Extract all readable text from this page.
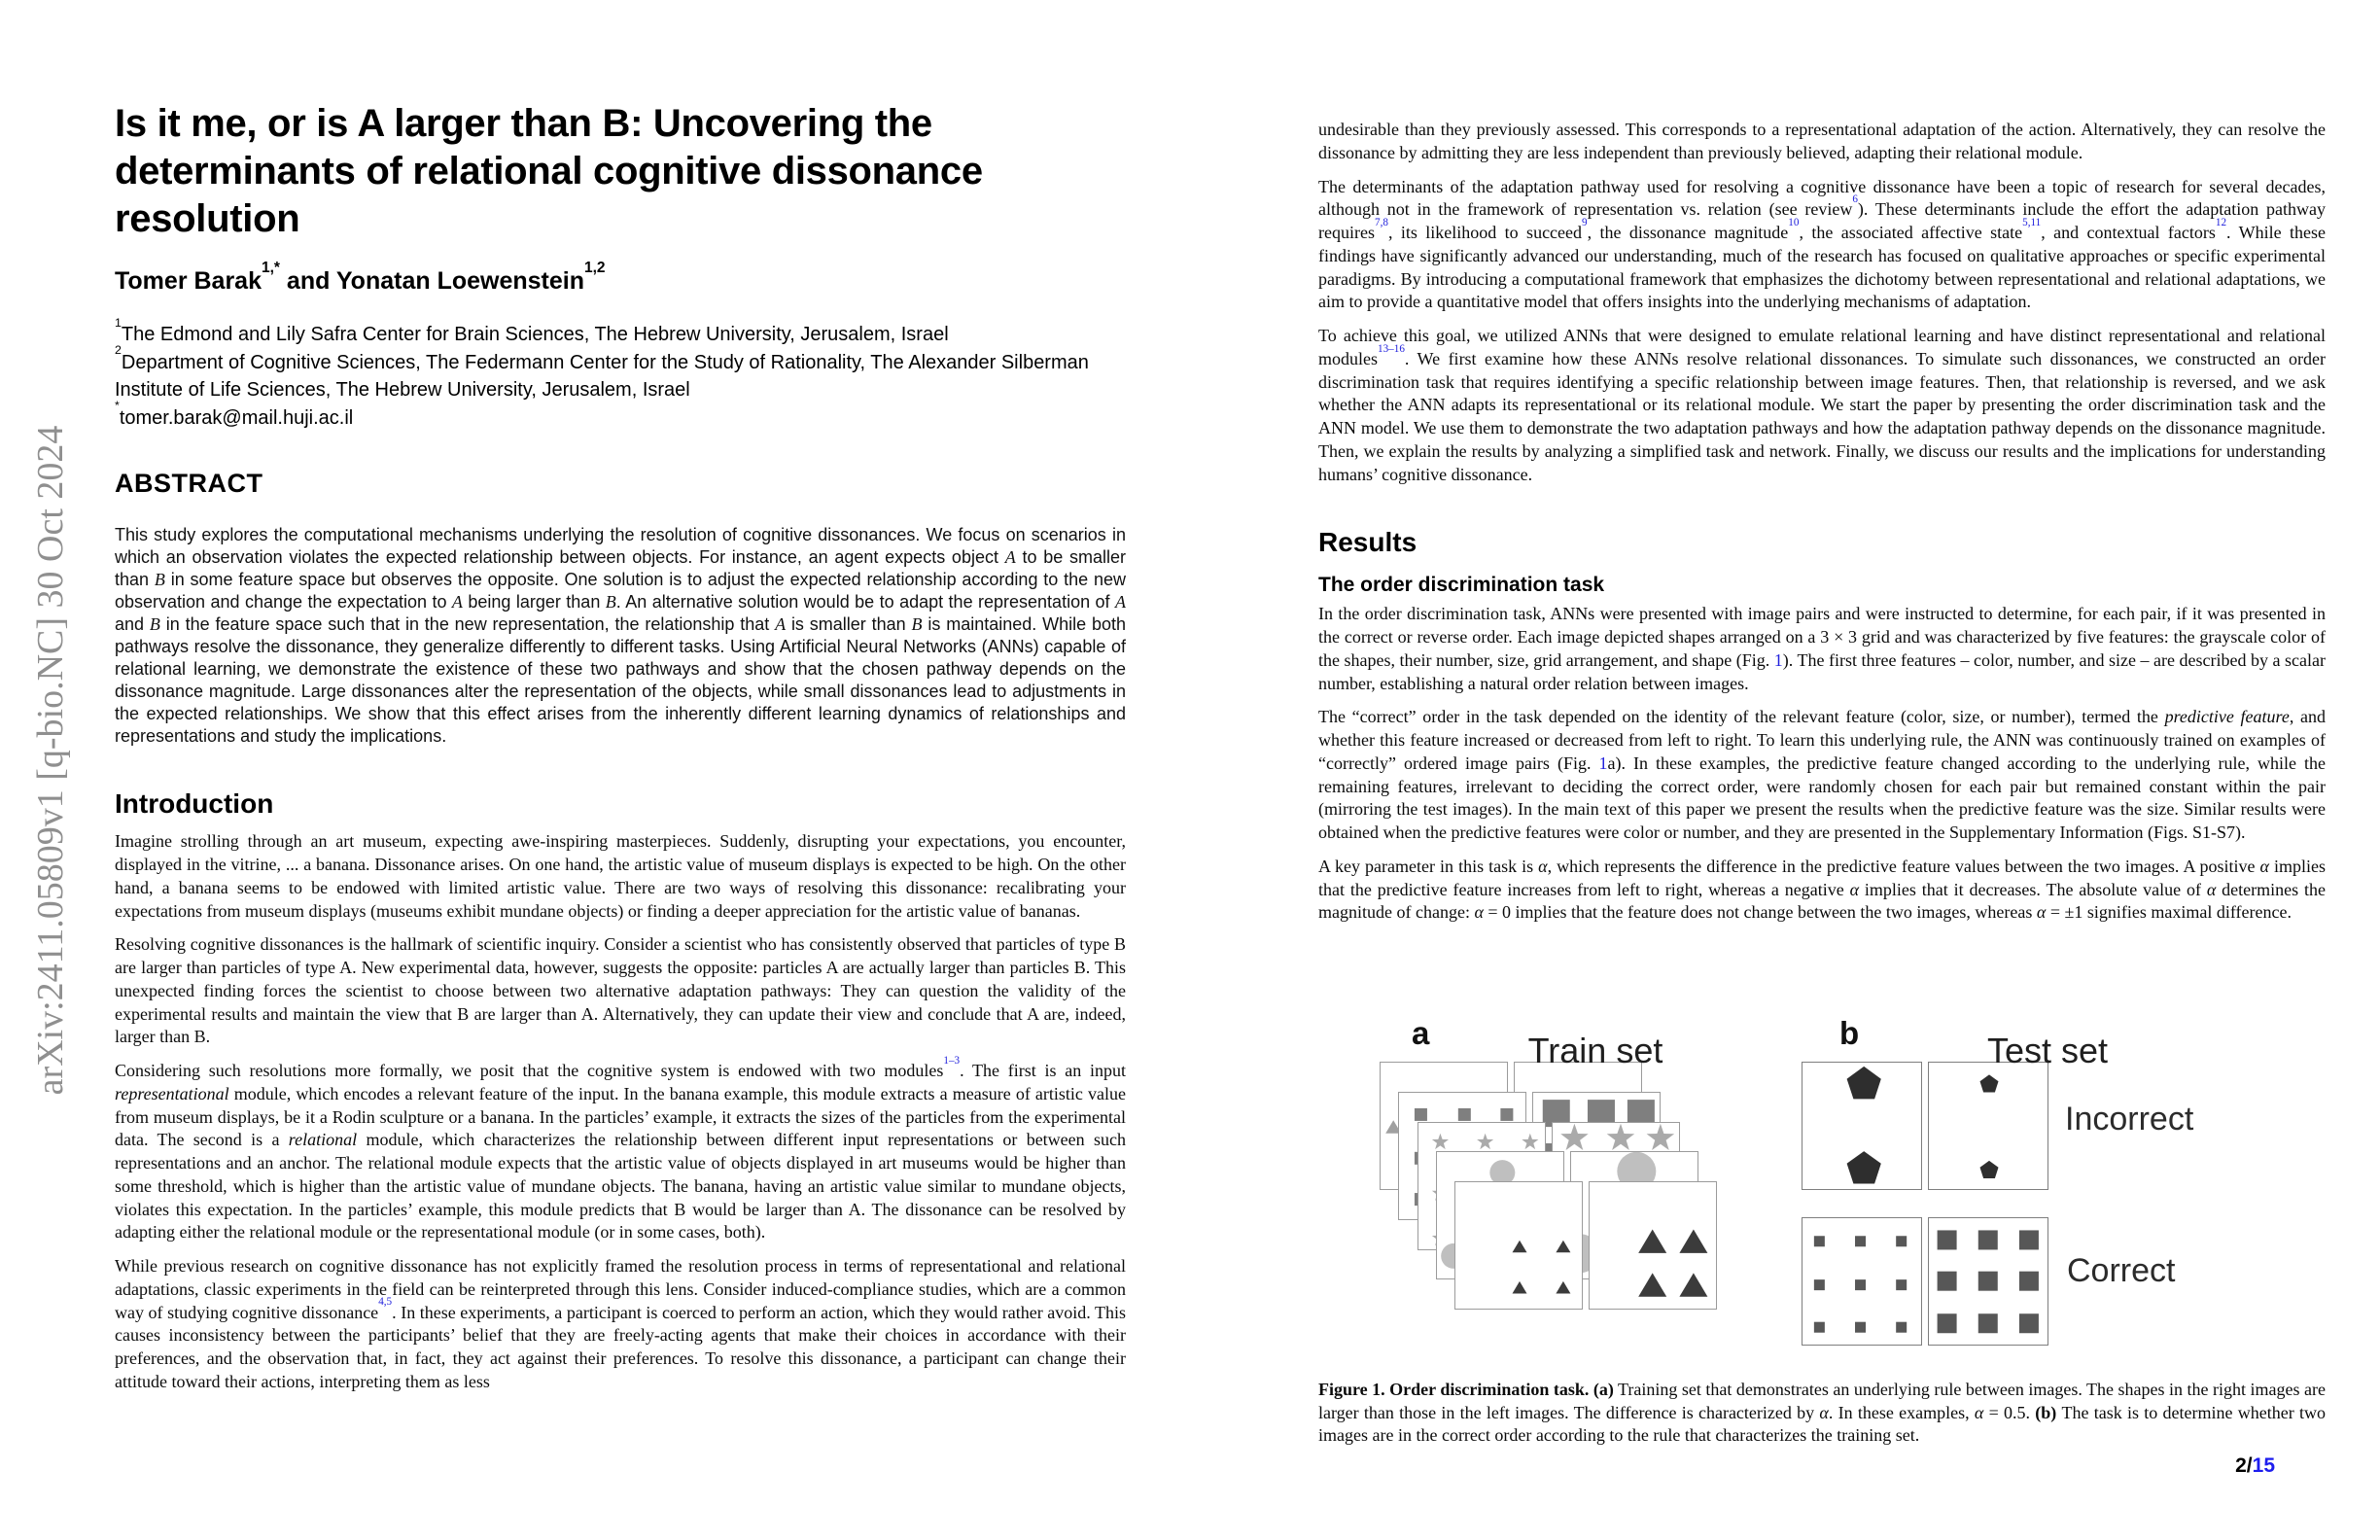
arXiv:2411.05809v1 [q-bio.NC] 30 Oct 2024
Is it me, or is A larger than B: Uncovering the
determinants of relational cognitive dissonance
resolution
Tomer Barak$^{1,*}$ and Yonatan Loewenstein$^{1,2}$
$^1$The Edmond and Lily Safra Center for Brain Sciences, The Hebrew University, Jerusalem, Israel
$^2$Department of Cognitive Sciences, The Federmann Center for the Study of Rationality, The Alexander Silberman Institute of Life Sciences, The Hebrew University, Jerusalem, Israel
*tomer.barak@mail.huji.ac.il
ABSTRACT
This study explores the computational mechanisms underlying the resolution of cognitive dissonances. We focus on scenarios in which an observation violates the expected relationship between objects. For instance, an agent expects object A to be smaller than B in some feature space but observes the opposite. One solution is to adjust the expected relationship according to the new observation and change the expectation to A being larger than B. An alternative solution would be to adapt the representation of A and B in the feature space such that in the new representation, the relationship that A is smaller than B is maintained. While both pathways resolve the dissonance, they generalize differently to different tasks. Using Artificial Neural Networks (ANNs) capable of relational learning, we demonstrate the existence of these two pathways and show that the chosen pathway depends on the dissonance magnitude. Large dissonances alter the representation of the objects, while small dissonances lead to adjustments in the expected relationships. We show that this effect arises from the inherently different learning dynamics of relationships and representations and study the implications.
Introduction
Imagine strolling through an art museum, expecting awe-inspiring masterpieces. Suddenly, disrupting your expectations, you encounter, displayed in the vitrine, ... a banana. Dissonance arises. On one hand, the artistic value of museum displays is expected to be high. On the other hand, a banana seems to be endowed with limited artistic value. There are two ways of resolving this dissonance: recalibrating your expectations from museum displays (museums exhibit mundane objects) or finding a deeper appreciation for the artistic value of bananas.
Resolving cognitive dissonances is the hallmark of scientific inquiry. Consider a scientist who has consistently observed that particles of type B are larger than particles of type A. New experimental data, however, suggests the opposite: particles A are actually larger than particles B. This unexpected finding forces the scientist to choose between two alternative adaptation pathways: They can question the validity of the experimental results and maintain the view that B are larger than A. Alternatively, they can update their view and conclude that A are, indeed, larger than B.
Considering such resolutions more formally, we posit that the cognitive system is endowed with two modules$^{1-3}$. The first is an input representational module, which encodes a relevant feature of the input. In the banana example, this module extracts a measure of artistic value from museum displays, be it a Rodin sculpture or a banana. In the particles’ example, it extracts the sizes of the particles from the experimental data. The second is a relational module, which characterizes the relationship between different input representations or between such representations and an anchor. The relational module expects that the artistic value of objects displayed in art museums would be higher than some threshold, which is higher than the artistic value of mundane objects. The banana, having an artistic value similar to mundane objects, violates this expectation. In the particles’ example, this module predicts that B would be larger than A. The dissonance can be resolved by adapting either the relational module or the representational module (or in some cases, both).
While previous research on cognitive dissonance has not explicitly framed the resolution process in terms of representational and relational adaptations, classic experiments in the field can be reinterpreted through this lens. Consider induced-compliance studies, which are a common way of studying cognitive dissonance$^{4,5}$. In these experiments, a participant is coerced to perform an action, which they would rather avoid. This causes inconsistency between the participants’ belief that they are freely-acting agents that make their choices in accordance with their preferences, and the observation that, in fact, they act against their preferences. To resolve this dissonance, a participant can change their attitude toward their actions, interpreting them as less
undesirable than they previously assessed. This corresponds to a representational adaptation of the action. Alternatively, they can resolve the dissonance by admitting they are less independent than previously believed, adapting their relational module.
The determinants of the adaptation pathway used for resolving a cognitive dissonance have been a topic of research for several decades, although not in the framework of representation vs. relation (see review$^6$). These determinants include the effort the adaptation pathway requires$^{7,8}$, its likelihood to succeed$^9$, the dissonance magnitude$^{10}$, the associated affective state$^{5,11}$, and contextual factors$^{12}$. While these findings have significantly advanced our understanding, much of the research has focused on qualitative approaches or specific experimental paradigms. By introducing a computational framework that emphasizes the dichotomy between representational and relational adaptations, we aim to provide a quantitative model that offers insights into the underlying mechanisms of adaptation.
To achieve this goal, we utilized ANNs that were designed to emulate relational learning and have distinct representational and relational modules$^{13-16}$. We first examine how these ANNs resolve relational dissonances. To simulate such dissonances, we constructed an order discrimination task that requires identifying a specific relationship between image features. Then, that relationship is reversed, and we ask whether the ANN adapts its representational or its relational module. We start the paper by presenting the order discrimination task and the ANN model. We use them to demonstrate the two adaptation pathways and how the adaptation pathway depends on the dissonance magnitude. Then, we explain the results by analyzing a simplified task and network. Finally, we discuss our results and the implications for understanding humans’ cognitive dissonance.
Results
The order discrimination task
In the order discrimination task, ANNs were presented with image pairs and were instructed to determine, for each pair, if it was presented in the correct or reverse order. Each image depicted shapes arranged on a 3 × 3 grid and was characterized by five features: the grayscale color of the shapes, their number, size, grid arrangement, and shape (Fig. 1). The first three features – color, number, and size – are described by a scalar number, establishing a natural order relation between images.
The “correct” order in the task depended on the identity of the relevant feature (color, size, or number), termed the predictive feature, and whether this feature increased or decreased from left to right. To learn this underlying rule, the ANN was continuously trained on examples of “correctly” ordered image pairs (Fig. 1a). In these examples, the predictive feature changed according to the underlying rule, while the remaining features, irrelevant to deciding the correct order, were randomly chosen for each pair but remained constant within the pair (mirroring the test images). In the main text of this paper we present the results when the predictive feature was the size. Similar results were obtained when the predictive features were color or number, and they are presented in the Supplementary Information (Figs. S1-S7).
A key parameter in this task is α, which represents the difference in the predictive feature values between the two images. A positive α implies that the predictive feature increases from left to right, whereas a negative α implies that it decreases. The absolute value of α determines the magnitude of change: α = 0 implies that the feature does not change between the two images, whereas α = ±1 signifies maximal difference.
a	Train set	b	Test set
Incorrect
Correct
Figure 1. Order discrimination task. (a) Training set that demonstrates an underlying rule between images. The shapes in the right images are larger than those in the left images. The difference is characterized by α. In these examples, α = 0.5. (b) The task is to determine whether two images are in the correct order according to the rule that characterizes the training set.
2/15
